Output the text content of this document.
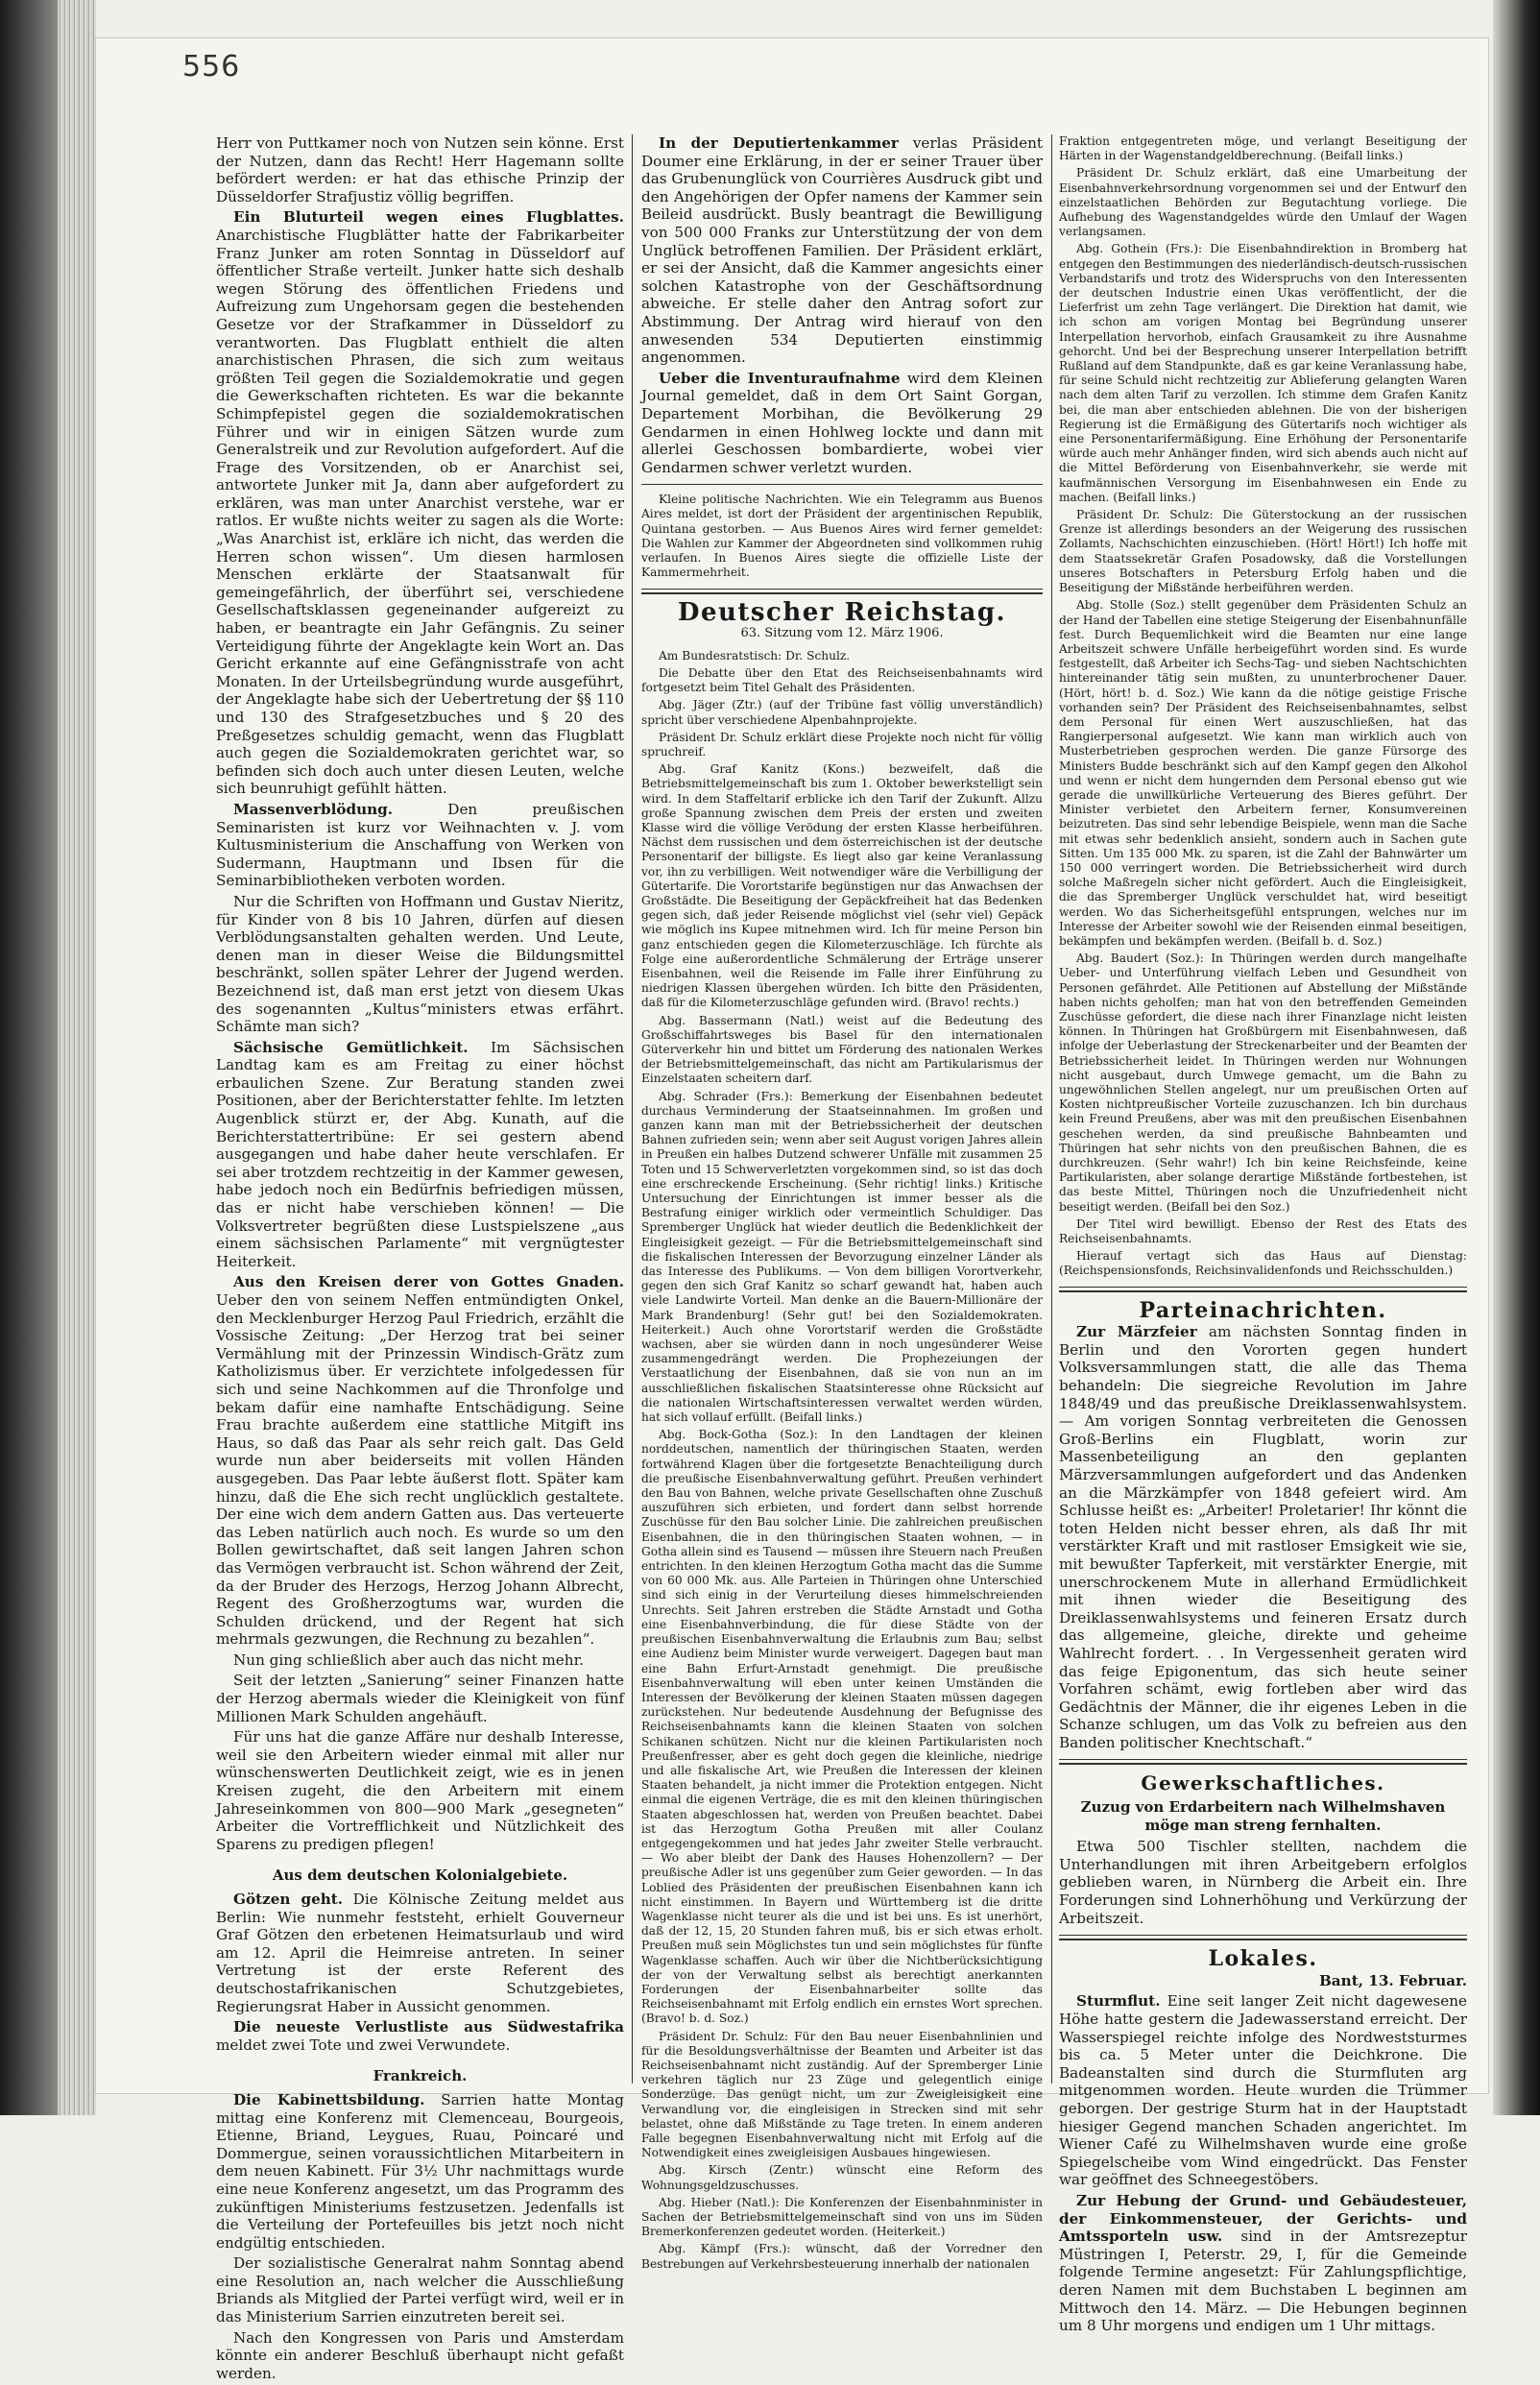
556

Herr von Puttkamer noch von Nutzen sein könne. Erst der Nutzen, dann das Recht! Herr Hagemann sollte befördert werden: er hat das ethische Prinzip der Düsseldorfer Strafjustiz völlig begriffen.

Ein Bluturteil wegen eines Flugblattes. Anarchistische Flugblätter hatte der Fabrikarbeiter Franz Junker am roten Sonntag in Düsseldorf auf öffentlicher Straße verteilt. Junker hatte sich deshalb wegen Störung des öffentlichen Friedens und Aufreizung zum Ungehorsam gegen die bestehenden Gesetze vor der Strafkammer in Düsseldorf zu verantworten. Das Flugblatt enthielt die alten anarchistischen Phrasen, die sich zum weitaus größten Teil gegen die Sozialdemokratie und gegen die Gewerkschaften richteten. Es war die bekannte Schimpfepistel gegen die sozialdemokratischen Führer und wir in einigen Sätzen wurde zum Generalstreik und zur Revolution aufgefordert. Auf die Frage des Vorsitzenden, ob er Anarchist sei, antwortete Junker mit Ja, dann aber aufgefordert zu erklären, was man unter Anarchist verstehe, war er ratlos. Er wußte nichts weiter zu sagen als die Worte: „Was Anarchist ist, erkläre ich nicht, das werden die Herren schon wissen“. Um diesen harmlosen Menschen erklärte der Staatsanwalt für gemeingefährlich, der überführt sei, verschiedene Gesellschaftsklassen gegeneinander aufgereizt zu haben, er beantragte ein Jahr Gefängnis. Zu seiner Verteidigung führte der Angeklagte kein Wort an. Das Gericht erkannte auf eine Gefängnisstrafe von acht Monaten. In der Urteilsbegründung wurde ausgeführt, der Angeklagte habe sich der Uebertretung der §§ 110 und 130 des Strafgesetzbuches und § 20 des Preßgesetzes schuldig gemacht, wenn das Flugblatt auch gegen die Sozialdemokraten gerichtet war, so befinden sich doch auch unter diesen Leuten, welche sich beunruhigt gefühlt hätten.

Massenverblödung.	Den preußischen Seminaristen ist kurz vor Weihnachten v. J. vom Kultusministerium die Anschaffung von Werken von Sudermann, Hauptmann und Ibsen für die Seminarbibliotheken verboten worden.

Nur die Schriften von Hoffmann und Gustav Nieritz, für Kinder von 8 bis 10 Jahren, dürfen auf diesen Verblödungsanstalten gehalten werden. Und Leute, denen man in dieser Weise die Bildungsmittel beschränkt, sollen später Lehrer der Jugend werden. Bezeichnend ist, daß man erst jetzt von diesem Ukas des sogenannten „Kultus“ministers etwas erfährt. Schämte man sich?

Sächsische Gemütlichkeit. Im Sächsischen Landtag kam es am Freitag zu einer höchst erbaulichen Szene. Zur Beratung standen zwei Positionen, aber der Berichterstatter fehlte. Im letzten Augenblick stürzt er, der Abg. Kunath, auf die Berichterstattertribüne: Er sei gestern abend ausgegangen und habe daher heute verschlafen. Er sei aber trotzdem rechtzeitig in der Kammer gewesen, habe jedoch noch ein Bedürfnis befriedigen müssen, das er nicht habe verschieben können! — Die Volksvertreter begrüßten diese Lustspielszene „aus einem sächsischen Parlamente“ mit vergnügtester Heiterkeit.

Aus den Kreisen derer von Gottes Gnaden. Ueber den von seinem Neffen entmündigten Onkel, den Mecklenburger Herzog Paul Friedrich, erzählt die Vossische Zeitung: „Der Herzog trat bei seiner Vermählung mit der Prinzessin Windisch-Grätz zum Katholizismus über. Er verzichtete infolgedessen für sich und seine Nachkommen auf die Thronfolge und bekam dafür eine namhafte Entschädigung. Seine Frau brachte außerdem eine stattliche Mitgift ins Haus, so daß das Paar als sehr reich galt. Das Geld wurde nun aber beiderseits mit vollen Händen ausgegeben. Das Paar lebte äußerst flott. Später kam hinzu, daß die Ehe sich recht unglücklich gestaltete. Der eine wich dem andern Gatten aus. Das verteuerte das Leben natürlich auch noch. Es wurde so um den Bollen gewirtschaftet, daß seit langen Jahren schon das Vermögen verbraucht ist. Schon während der Zeit, da der Bruder des Herzogs, Herzog Johann Albrecht, Regent des Großherzogtums war, wurden die Schulden drückend, und der Regent hat sich mehrmals gezwungen, die Rechnung zu bezahlen“.

Nun ging schließlich aber auch das nicht mehr.

Seit der letzten „Sanierung“ seiner Finanzen hatte der Herzog abermals wieder die Kleinigkeit von fünf Millionen Mark Schulden angehäuft.

Für uns hat die ganze Affäre nur deshalb Interesse, weil sie den Arbeitern wieder einmal mit aller nur wünschenswerten Deutlichkeit zeigt, wie es in jenen Kreisen zugeht, die den Arbeitern mit einem Jahreseinkommen von 800—900 Mark „gesegneten“ Arbeiter die Vortrefflichkeit und Nützlichkeit des Sparens zu predigen pflegen!

Aus dem deutschen Kolonialgebiete.

Götzen geht. Die Kölnische Zeitung meldet aus Berlin: Wie nunmehr feststeht, erhielt Gouverneur Graf Götzen den erbetenen Heimatsurlaub und wird am 12. April die Heimreise antreten. In seiner Vertretung ist der erste Referent des deutschostafrikanischen Schutzgebietes, Regierungsrat Haber in Aussicht genommen.

Die neueste Verlustliste aus Südwestafrika meldet zwei Tote und zwei Verwundete.

Frankreich.

Die Kabinettsbildung. Sarrien hatte Montag mittag eine Konferenz mit Clemenceau, Bourgeois, Etienne, Briand, Leygues, Ruau, Poincaré und Dommergue, seinen voraussichtlichen Mitarbeitern in dem neuen Kabinett. Für 3½ Uhr nachmittags wurde eine neue Konferenz angesetzt, um das Programm des zukünftigen Ministeriums festzusetzen. Jedenfalls ist die Verteilung der Portefeuilles bis jetzt noch nicht endgültig entschieden.

Der sozialistische Generalrat nahm Sonntag abend eine Resolution an, nach welcher die Ausschließung Briands als Mitglied der Partei verfügt wird, weil er in das Ministerium Sarrien einzutreten bereit sei.

Nach den Kongressen von Paris und Amsterdam könnte ein anderer Beschluß überhaupt nicht gefaßt werden.

In der Deputiertenkammer verlas Präsident Doumer eine Erklärung, in der er seiner Trauer über das Grubenunglück von Courrières Ausdruck gibt und den Angehörigen der Opfer namens der Kammer sein Beileid ausdrückt. Busly beantragt die Bewilligung von 500 000 Franks zur Unterstützung der von dem Unglück betroffenen Familien. Der Präsident erklärt, er sei der Ansicht, daß die Kammer angesichts einer solchen Katastrophe von der Geschäftsordnung abweiche. Er stelle daher den Antrag sofort zur Abstimmung. Der Antrag wird hierauf von den anwesenden 534 Deputierten einstimmig angenommen.

Ueber die Inventuraufnahme wird dem Kleinen Journal gemeldet, daß in dem Ort Saint Gorgan, Departement Morbihan, die Bevölkerung 29 Gendarmen in einen Hohlweg lockte und dann mit allerlei Geschossen bombardierte, wobei vier Gendarmen schwer verletzt wurden.

Kleine politische Nachrichten. Wie ein Telegramm aus Buenos Aires meldet, ist dort der Präsident der argentinischen Republik, Quintana gestorben. — Aus Buenos Aires wird ferner gemeldet: Die Wahlen zur Kammer der Abgeordneten sind vollkommen ruhig verlaufen. In Buenos Aires siegte die offizielle Liste der Kammermehrheit.

Deutscher Reichstag.
63. Sitzung vom 12. März 1906.

Am Bundesratstisch: Dr. Schulz.

Die Debatte über den Etat des Reichseisenbahnamts wird fortgesetzt beim Titel Gehalt des Präsidenten.

Abg. Jäger (Ztr.) (auf der Tribüne fast völlig unverständlich) spricht über verschiedene Alpenbahnprojekte.

Präsident Dr. Schulz erklärt diese Projekte noch nicht für völlig spruchreif.

Abg. Graf Kanitz (Kons.) bezweifelt, daß die Betriebsmittelgemeinschaft bis zum 1. Oktober bewerkstelligt sein wird. In dem Staffeltarif erblicke ich den Tarif der Zukunft. Allzu große Spannung zwischen dem Preis der ersten und zweiten Klasse wird die völlige Verödung der ersten Klasse herbeiführen. Nächst dem russischen und dem österreichischen ist der deutsche Personentarif der billigste. Es liegt also gar keine Veranlassung vor, ihn zu verbilligen. Weit notwendiger wäre die Verbilligung der Gütertarife. Die Vorortstarife begünstigen nur das Anwachsen der Großstädte. Die Beseitigung der Gepäckfreiheit hat das Bedenken gegen sich, daß jeder Reisende möglichst viel (sehr viel) Gepäck wie möglich ins Kupee mitnehmen wird. Ich für meine Person bin ganz entschieden gegen die Kilometerzuschläge. Ich fürchte als Folge eine außerordentliche Schmälerung der Erträge unserer Eisenbahnen, weil die Reisende im Falle ihrer Einführung zu niedrigen Klassen übergehen würden. Ich bitte den Präsidenten, daß für die Kilometerzuschläge gefunden wird. (Bravo! rechts.)

Abg. Bassermann (Natl.) weist auf die Bedeutung des Großschiffahrtsweges bis Basel für den internationalen Güterverkehr hin und bittet um Förderung des nationalen Werkes der Betriebsmittelgemeinschaft, das nicht am Partikularismus der Einzelstaaten scheitern darf.

Abg. Schrader (Frs.): Bemerkung der Eisenbahnen bedeutet durchaus Verminderung der Staatseinnahmen. Im großen und ganzen kann man mit der Betriebssicherheit der deutschen Bahnen zufrieden sein; wenn aber seit August vorigen Jahres allein in Preußen ein halbes Dutzend schwerer Unfälle mit zusammen 25 Toten und 15 Schwerverletzten vorgekommen sind, so ist das doch eine erschreckende Erscheinung. (Sehr richtig! links.) Kritische Untersuchung der Einrichtungen ist immer besser als die Bestrafung einiger wirklich oder vermeintlich Schuldiger. Das Spremberger Unglück hat wieder deutlich die Bedenklichkeit der Eingleisigkeit gezeigt. — Für die Betriebsmittelgemeinschaft sind die fiskalischen Interessen der Bevorzugung einzelner Länder als das Interesse des Publikums. — Von dem billigen Vorortverkehr, gegen den sich Graf Kanitz so scharf gewandt hat, haben auch viele Landwirte Vorteil. Man denke an die Bauern-Millionäre der Mark Brandenburg! (Sehr gut! bei den Sozialdemokraten. Heiterkeit.) Auch ohne Vorortstarif werden die Großstädte wachsen, aber sie würden dann in noch ungesünderer Weise zusammengedrängt werden. Die Prophezeiungen der Verstaatlichung der Eisenbahnen, daß sie von nun an im ausschließlichen fiskalischen Staatsinteresse ohne Rücksicht auf die nationalen Wirtschaftsinteressen verwaltet werden würden, hat sich vollauf erfüllt. (Beifall links.)

Abg. Bock-Gotha (Soz.): In den Landtagen der kleinen norddeutschen, namentlich der thüringischen Staaten, werden fortwährend Klagen über die fortgesetzte Benachteiligung durch die preußische Eisenbahnverwaltung geführt. Preußen verhindert den Bau von Bahnen, welche private Gesellschaften ohne Zuschuß auszuführen sich erbieten, und fordert dann selbst horrende Zuschüsse für den Bau solcher Linie. Die zahlreichen preußischen Eisenbahnen, die in den thüringischen Staaten wohnen, — in Gotha allein sind es Tausend — müssen ihre Steuern nach Preußen entrichten. In den kleinen Herzogtum Gotha macht das die Summe von 60 000 Mk. aus. Alle Parteien in Thüringen ohne Unterschied sind sich einig in der Verurteilung dieses himmelschreienden Unrechts. Seit Jahren erstreben die Städte Arnstadt und Gotha eine Eisenbahnverbindung, die für diese Städte von der preußischen Eisenbahnverwaltung die Erlaubnis zum Bau; selbst eine Audienz beim Minister wurde verweigert. Dagegen baut man eine Bahn Erfurt-Arnstadt genehmigt. Die preußische Eisenbahnverwaltung will eben unter keinen Umständen die Interessen der Bevölkerung der kleinen Staaten müssen dagegen zurückstehen. Nur bedeutende Ausdehnung der Befugnisse des Reichseisenbahnamts kann die kleinen Staaten von solchen Schikanen schützen. Nicht nur die kleinen Partikularisten noch Preußenfresser, aber es geht doch gegen die kleinliche, niedrige und alle fiskalische Art, wie Preußen die Interessen der kleinen Staaten behandelt, ja nicht immer die Protektion entgegen. Nicht einmal die eigenen Verträge, die es mit den kleinen thüringischen Staaten abgeschlossen hat, werden von Preußen beachtet. Dabei ist das Herzogtum Gotha Preußen mit aller Coulanz entgegengekommen und hat jedes Jahr zweiter Stelle verbraucht. — Wo aber bleibt der Dank des Hauses Hohenzollern? — Der preußische Adler ist uns gegenüber zum Geier geworden. — In das Loblied des Präsidenten der preußischen Eisenbahnen kann ich nicht einstimmen. In Bayern und Württemberg ist die dritte Wagenklasse nicht teurer als die und ist bei uns. Es ist unerhört, daß der 12, 15, 20 Stunden fahren muß, bis er sich etwas erholt. Preußen muß sein Möglichstes tun und sein möglichstes für fünfte Wagenklasse schaffen. Auch wir über die Nichtberücksichtigung der von der Verwaltung selbst als berechtigt anerkannten Forderungen der Eisenbahnarbeiter sollte das Reichseisenbahnamt mit Erfolg endlich ein ernstes Wort sprechen. (Bravo! b. d. Soz.)

Präsident Dr. Schulz: Für den Bau neuer Eisenbahnlinien und für die Besoldungsverhältnisse der Beamten und Arbeiter ist das Reichseisenbahnamt nicht zuständig. Auf der Spremberger Linie verkehren täglich nur 23 Züge und gelegentlich einige Sonderzüge. Das genügt nicht, um zur Zweigleisigkeit eine Verwandlung vor, die eingleisigen in Strecken sind mit sehr belastet, ohne daß Mißstände zu Tage treten. In einem anderen Falle begegnen Eisenbahnverwaltung nicht mit Erfolg auf die Notwendigkeit eines zweigleisigen Ausbaues hingewiesen.

Abg. Kirsch (Zentr.) wünscht eine Reform des Wohnungsgeldzuschusses.

Abg. Hieber (Natl.): Die Konferenzen der Eisenbahnminister in Sachen der Betriebsmittelgemeinschaft sind von uns im Süden Bremerkonferenzen gedeutet worden. (Heiterkeit.)

Abg. Kämpf (Frs.): wünscht, daß der Vorredner den Bestrebungen auf Verkehrsbesteuerung innerhalb der nationalen

Fraktion entgegentreten möge, und verlangt Beseitigung der Härten in der Wagenstandgeldberechnung. (Beifall links.)

Präsident Dr. Schulz erklärt, daß eine Umarbeitung der Eisenbahnverkehrsordnung vorgenommen sei und der Entwurf den einzelstaatlichen Behörden zur Begutachtung vorliege. Die Aufhebung des Wagenstandgeldes würde den Umlauf der Wagen verlangsamen.

Abg. Gothein (Frs.): Die Eisenbahndirektion in Bromberg hat entgegen den Bestimmungen des niederländisch-deutsch-russischen Verbandstarifs und trotz des Widerspruchs von den Interessenten der deutschen Industrie einen Ukas veröffentlicht, der die Lieferfrist um zehn Tage verlängert. Die Direktion hat damit, wie ich schon am vorigen Montag bei Begründung unserer Interpellation hervorhob, einfach Grausamkeit zu ihre Ausnahme gehorcht. Und bei der Besprechung unserer Interpellation betrifft Rußland auf dem Standpunkte, daß es gar keine Veranlassung habe, für seine Schuld nicht rechtzeitig zur Ablieferung gelangten Waren nach dem alten Tarif zu verzollen. Ich stimme dem Grafen Kanitz bei, die man aber entschieden ablehnen. Die von der bisherigen Regierung ist die Ermäßigung des Gütertarifs noch wichtiger als eine Personentarifermäßigung. Eine Erhöhung der Personentarife würde auch mehr Anhänger finden, wird sich abends auch nicht auf die Mittel Beförderung von Eisenbahnverkehr, sie werde mit kaufmännischen Versorgung im Eisenbahnwesen ein Ende zu machen. (Beifall links.)

Präsident Dr. Schulz: Die Güterstockung an der russischen Grenze ist allerdings besonders an der Weigerung des russischen Zollamts, Nachschichten einzuschieben. (Hört! Hört!) Ich hoffe mit dem Staatssekretär Grafen Posadowsky, daß die Vorstellungen unseres Botschafters in Petersburg Erfolg haben und die Beseitigung der Mißstände herbeiführen werden.

Abg. Stolle (Soz.) stellt gegenüber dem Präsidenten Schulz an der Hand der Tabellen eine stetige Steigerung der Eisenbahnunfälle fest. Durch Bequemlichkeit wird die Beamten nur eine lange Arbeitszeit schwere Unfälle herbeigeführt worden sind. Es wurde festgestellt, daß Arbeiter ich Sechs-Tag- und sieben Nachtschichten hintereinander tätig sein mußten, zu ununterbrochener Dauer. (Hört, hört! b. d. Soz.) Wie kann da die nötige geistige Frische vorhanden sein? Der Präsident des Reichseisenbahnamtes, selbst dem Personal für einen Wert auszuschließen, hat das Rangierpersonal aufgesetzt. Wie kann man wirklich auch von Musterbetrieben gesprochen werden. Die ganze Fürsorge des Ministers Budde beschränkt sich auf den Kampf gegen den Alkohol und wenn er nicht dem hungernden dem Personal ebenso gut wie gerade die unwillkürliche Verteuerung des Bieres geführt. Der Minister verbietet den Arbeitern ferner, Konsumvereinen beizutreten. Das sind sehr lebendige Beispiele, wenn man die Sache mit etwas sehr bedenklich ansieht, sondern auch in Sachen gute Sitten. Um 135 000 Mk. zu sparen, ist die Zahl der Bahnwärter um 150 000 verringert worden. Die Betriebssicherheit wird durch solche Maßregeln sicher nicht gefördert. Auch die Eingleisigkeit, die das Spremberger Unglück verschuldet hat, wird beseitigt werden. Wo das Sicherheitsgefühl entsprungen, welches nur im Interesse der Arbeiter sowohl wie der Reisenden einmal beseitigen, bekämpfen und bekämpfen werden. (Beifall b. d. Soz.)

Abg. Baudert (Soz.): In Thüringen werden durch mangelhafte Ueber- und Unterführung vielfach Leben und Gesundheit von Personen gefährdet. Alle Petitionen auf Abstellung der Mißstände haben nichts geholfen; man hat von den betreffenden Gemeinden Zuschüsse gefordert, die diese nach ihrer Finanzlage nicht leisten können. In Thüringen hat Großbürgern mit Eisenbahnwesen, daß infolge der Ueberlastung der Streckenarbeiter und der Beamten der Betriebssicherheit leidet. In Thüringen werden nur Wohnungen nicht ausgebaut, durch Umwege gemacht, um die Bahn zu ungewöhnlichen Stellen angelegt, nur um preußischen Orten auf Kosten nichtpreußischer Vorteile zuzuschanzen. Ich bin durchaus kein Freund Preußens, aber was mit den preußischen Eisenbahnen geschehen werden, da sind preußische Bahnbeamten und Thüringen hat sehr nichts von den preußischen Bahnen, die es durchkreuzen. (Sehr wahr!) Ich bin keine Reichsfeinde, keine Partikularisten, aber solange derartige Mißstände fortbestehen, ist das beste Mittel, Thüringen noch die Unzufriedenheit nicht beseitigt werden. (Beifall bei den Soz.)

Der Titel wird bewilligt. Ebenso der Rest des Etats des Reichseisenbahnamts.

Hierauf vertagt sich das Haus auf Dienstag: (Reichspensionsfonds, Reichsinvalidenfonds und Reichsschulden.)

Parteinachrichten.

Zur Märzfeier am nächsten Sonntag finden in Berlin und den Vororten gegen hundert Volksversammlungen statt, die alle das Thema behandeln: Die siegreiche Revolution im Jahre 1848/49 und das preußische Dreiklassenwahlsystem. — Am vorigen Sonntag verbreiteten die Genossen Groß-Berlins ein Flugblatt, worin zur Massenbeteiligung an den geplanten Märzversammlungen aufgefordert und das Andenken an die Märzkämpfer von 1848 gefeiert wird. Am Schlusse heißt es: „Arbeiter! Proletarier! Ihr könnt die toten Helden nicht besser ehren, als daß Ihr mit verstärkter Kraft und mit rastloser Emsigkeit wie sie, mit bewußter Tapferkeit, mit verstärkter Energie, mit unerschrockenem Mute in allerhand Ermüdlichkeit mit ihnen wieder die Beseitigung des Dreiklassenwahlsystems und feineren Ersatz durch das allgemeine, gleiche, direkte und geheime Wahlrecht fordert. . . In Vergessenheit geraten wird das feige Epigonentum, das sich heute seiner Vorfahren schämt, ewig fortleben aber wird das Gedächtnis der Männer, die ihr eigenes Leben in die Schanze schlugen, um das Volk zu befreien aus den Banden politischer Knechtschaft.“

Gewerkschaftliches.
Zuzug von Erdarbeitern nach Wilhelmshaven möge man streng fernhalten.

Etwa 500 Tischler stellten, nachdem die Unterhandlungen mit ihren Arbeitgebern erfolglos geblieben waren, in Nürnberg die Arbeit ein. Ihre Forderungen sind Lohnerhöhung und Verkürzung der Arbeitszeit.

Lokales.

Bant, 13. Februar.

Sturmflut. Eine seit langer Zeit nicht dagewesene Höhe hatte gestern die Jadewasserstand erreicht. Der Wasserspiegel reichte infolge des Nordweststurmes bis ca. 5 Meter unter die Deichkrone. Die Badeanstalten sind durch die Sturmfluten arg mitgenommen worden. Heute wurden die Trümmer geborgen. Der gestrige Sturm hat in der Hauptstadt hiesiger Gegend manchen Schaden angerichtet. Im Wiener Café zu Wilhelmshaven wurde eine große Spiegelscheibe vom Wind eingedrückt. Das Fenster war geöffnet des Schneegestöbers.

Zur Hebung der Grund- und Gebäudesteuer, der Einkommensteuer, der Gerichts- und Amtssporteln usw. sind in der Amtsrezeptur Müstringen I, Peterstr. 29, I, für die Gemeinde folgende Termine angesetzt: Für Zahlungspflichtige, deren Namen mit dem Buchstaben L beginnen am Mittwoch den 14. März. — Die Hebungen beginnen um 8 Uhr morgens und endigen um 1 Uhr mittags.
